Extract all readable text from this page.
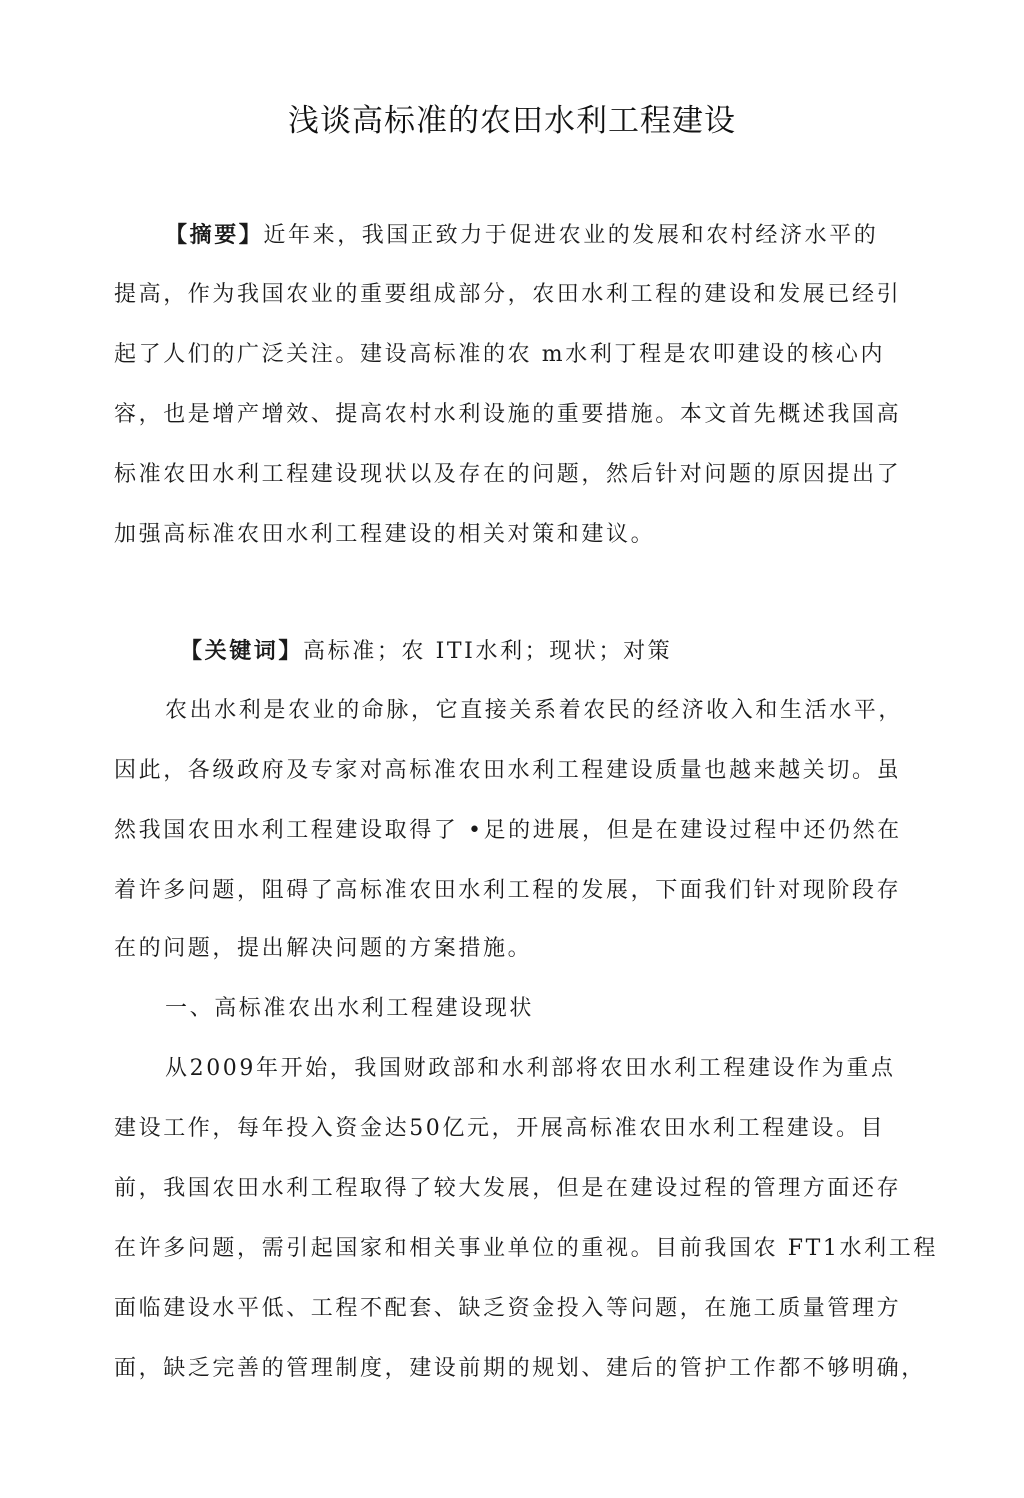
浅谈高标准的农田水利工程建设
【摘要】近年来，我国正致力于促进农业的发展和农村经济水平的
提高，作为我国农业的重要组成部分，农田水利工程的建设和发展已经引
起了人们的广泛关注。建设高标准的农 m水利丁程是农叩建设的核心内
容，也是增产增效、提高农村水利设施的重要措施。本文首先概述我国高
标准农田水利工程建设现状以及存在的问题，然后针对问题的原因提出了
加强高标准农田水利工程建设的相关对策和建议。
【关键词】高标准；农 ITI水利；现状；对策
农出水利是农业的命脉，它直接关系着农民的经济收入和生活水平，
因此，各级政府及专家对高标准农田水利工程建设质量也越来越关切。虽
然我国农田水利工程建设取得了 •足的进展，但是在建设过程中还仍然在
着许多问题，阻碍了高标准农田水利工程的发展，下面我们针对现阶段存
在的问题，提出解决问题的方案措施。
一、高标准农出水利工程建设现状
从2009年开始，我国财政部和水利部将农田水利工程建设作为重点
建设工作，每年投入资金达50亿元，开展高标准农田水利工程建设。目
前，我国农田水利工程取得了较大发展，但是在建设过程的管理方面还存
在许多问题，需引起国家和相关事业单位的重视。目前我国农 FT1水利工程
面临建设水平低、工程不配套、缺乏资金投入等问题，在施工质量管理方
面，缺乏完善的管理制度，建设前期的规划、建后的管护工作都不够明确，
